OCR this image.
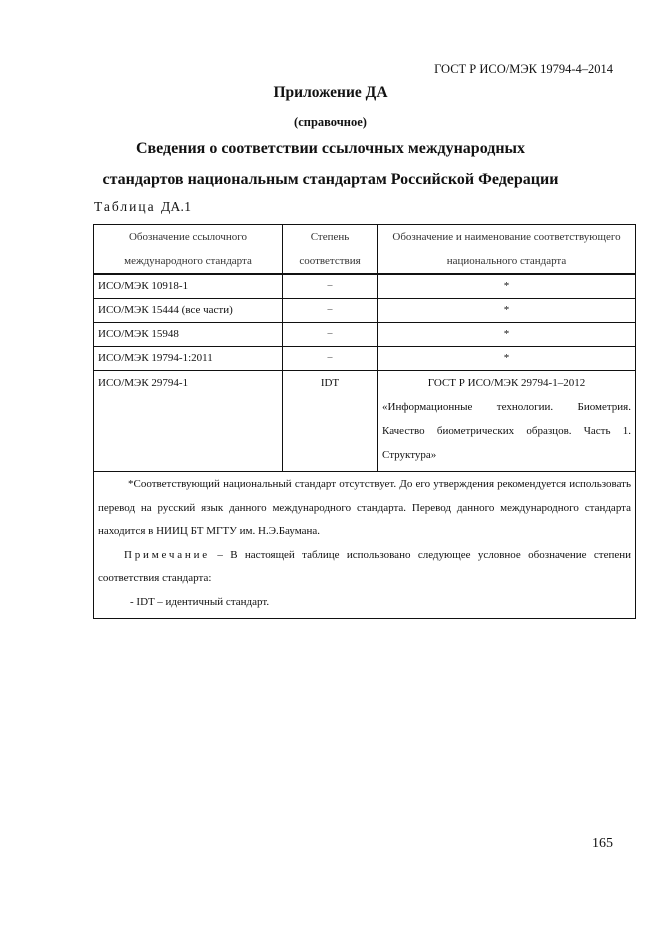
ГОСТ Р ИСО/МЭК 19794-4–2014
Приложение ДА
(справочное)
Сведения о соответствии ссылочных международных
стандартов национальным стандартам Российской Федерации
Таблица ДА.1
Обозначение ссылочного международного стандарта	Степень соответствия	Обозначение и наименование соответствующего национального стандарта
ИСО/МЭК 10918-1	–	*
ИСО/МЭК 15444 (все части)	–	*
ИСО/МЭК 15948	–	*
ИСО/МЭК 19794-1:2011	–	*
ИСО/МЭК 29794-1	IDT	ГОСТ Р ИСО/МЭК 29794-1–2012
«Информационные технологии. Биометрия. Качество биометрических образцов. Часть 1. Структура»

*Соответствующий национальный стандарт отсутствует. До его утверждения рекомендуется использовать перевод на русский язык данного международного стандарта. Перевод данного международного стандарта находится в НИИЦ БТ МГТУ им. Н.Э.Баумана.
Примечание – В настоящей таблице использовано следующее условное обозначение степени соответствия стандарта:
- IDT – идентичный стандарт.		
165
